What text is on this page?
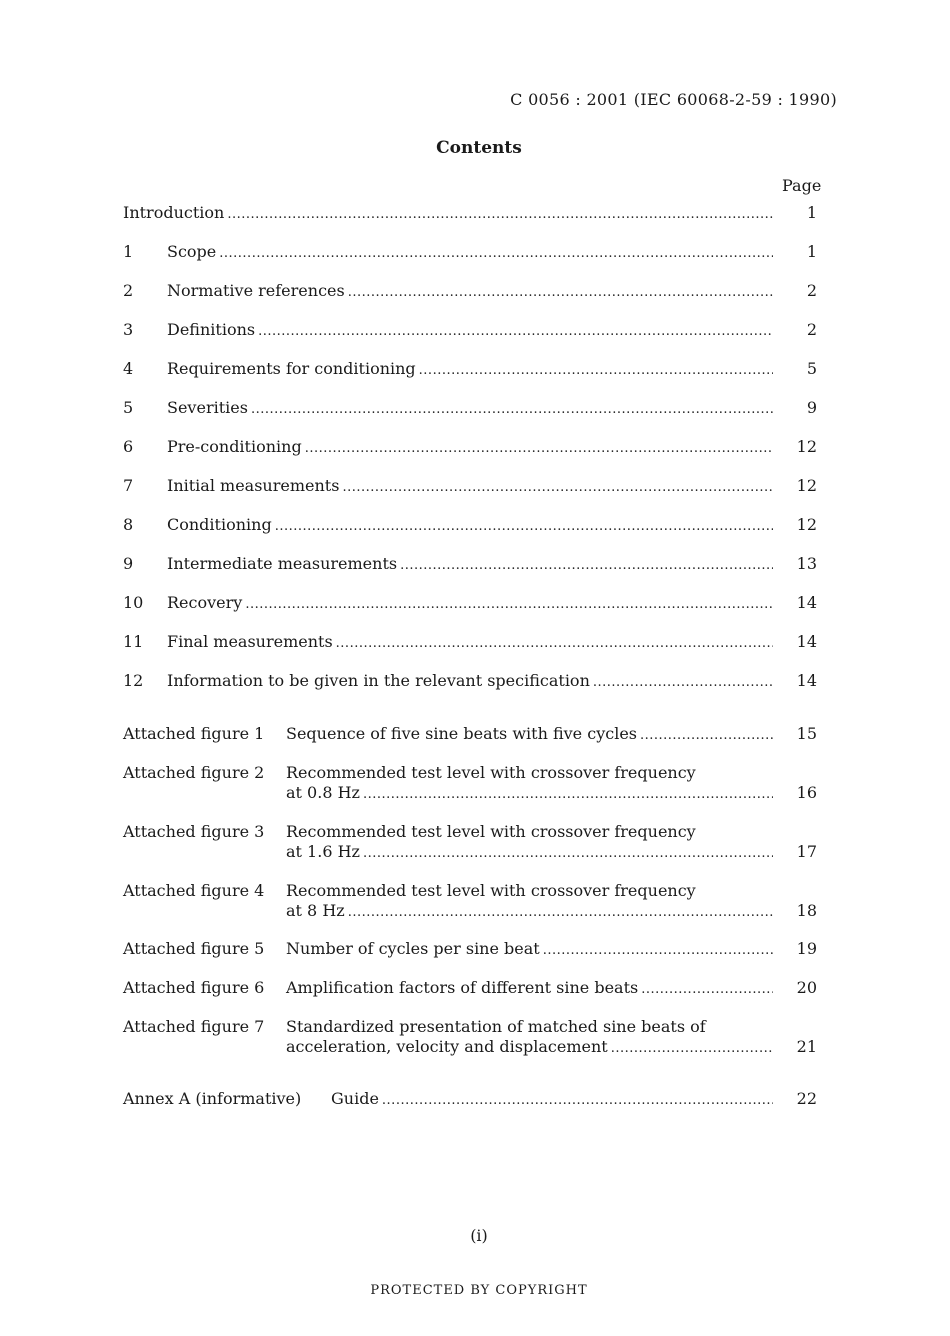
C 0056 : 2001 (IEC 60068-2-59 : 1990)
Contents
Page
Introduction .....	1
1 Scope .....	1
2 Normative references .....	2
3 Definitions .....	2
4 Requirements for conditioning .....	5
5 Severities .....	9
6 Pre-conditioning .....	12
7 Initial measurements .....	12
8 Conditioning .....	12
9 Intermediate measurements .....	13
10 Recovery .....	14
11 Final measurements .....	14
12 Information to be given in the relevant specification .....	14
Attached figure 1 Sequence of five sine beats with five cycles .....	15
Attached figure 2 Recommended test level with crossover frequency
at 0.8 Hz .....	16
Attached figure 3 Recommended test level with crossover frequency
at 1.6 Hz .....	17
Attached figure 4 Recommended test level with crossover frequency
at 8 Hz .....	18
Attached figure 5 Number of cycles per sine beat .....	19
Attached figure 6 Amplification factors of different sine beats .....	20
Attached figure 7 Standardized presentation of matched sine beats of
acceleration, velocity and displacement .....	21
Annex A (informative) Guide .....	22
(i)
PROTECTED BY COPYRIGHT
